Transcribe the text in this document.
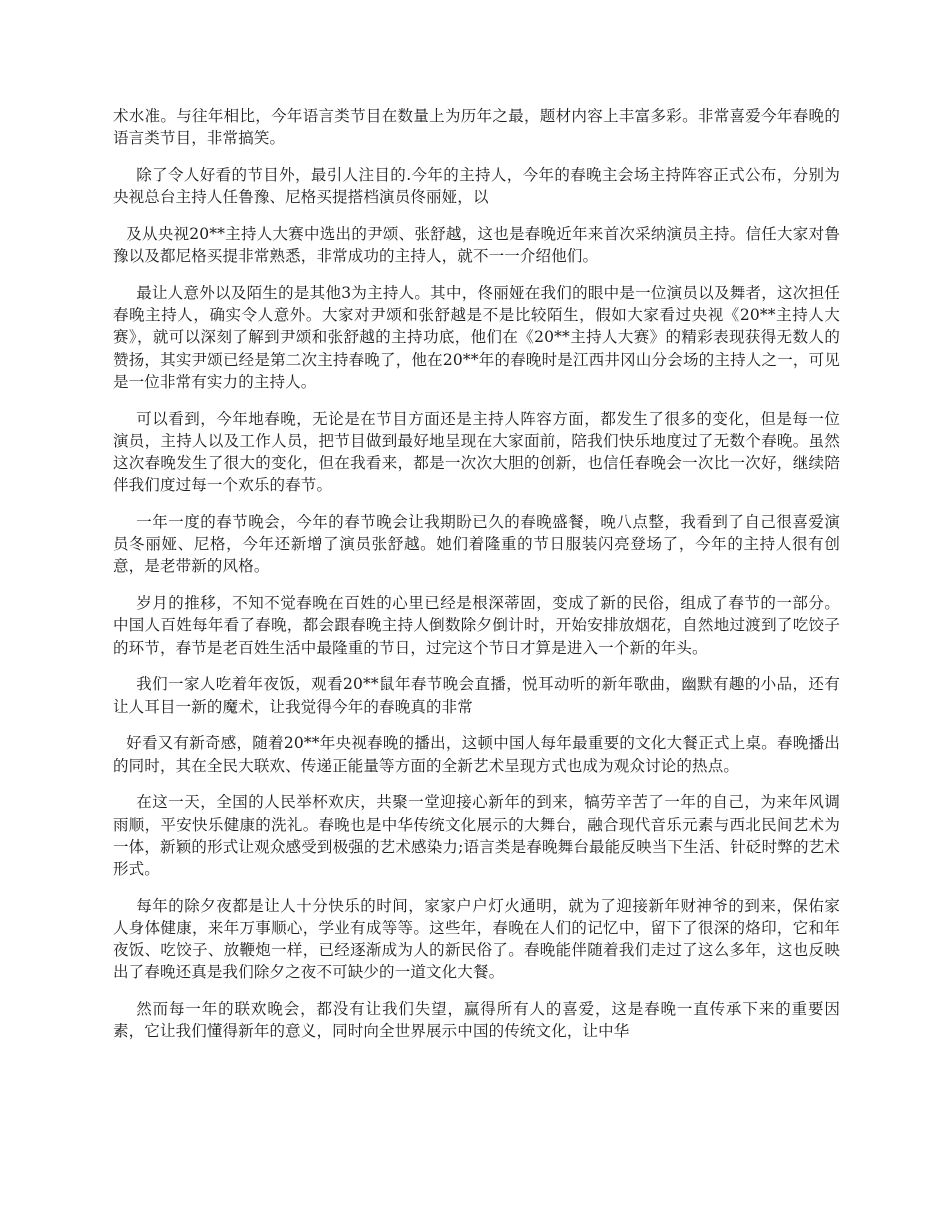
术水准。与往年相比，今年语言类节目在数量上为历年之最，题材内容上丰富多彩。非常喜爱今年春晚的语言类节目，非常搞笑。

除了令人好看的节目外，最引人注目的.今年的主持人，今年的春晚主会场主持阵容正式公布，分别为央视总台主持人任鲁豫、尼格买提搭档演员佟丽娅，以

及从央视20**主持人大赛中选出的尹颂、张舒越，这也是春晚近年来首次采纳演员主持。信任大家对鲁豫以及都尼格买提非常熟悉，非常成功的主持人，就不一一介绍他们。

最让人意外以及陌生的是其他3为主持人。其中，佟丽娅在我们的眼中是一位演员以及舞者，这次担任春晚主持人，确实令人意外。大家对尹颂和张舒越是不是比较陌生，假如大家看过央视《20**主持人大赛》，就可以深刻了解到尹颂和张舒越的主持功底，他们在《20**主持人大赛》的精彩表现获得无数人的赞扬，其实尹颂已经是第二次主持春晚了，他在20**年的春晚时是江西井冈山分会场的主持人之一，可见是一位非常有实力的主持人。

可以看到，今年地春晚，无论是在节目方面还是主持人阵容方面，都发生了很多的变化，但是每一位演员，主持人以及工作人员，把节目做到最好地呈现在大家面前，陪我们快乐地度过了无数个春晚。虽然这次春晚发生了很大的变化，但在我看来，都是一次次大胆的创新，也信任春晚会一次比一次好，继续陪伴我们度过每一个欢乐的春节。

一年一度的春节晚会，今年的春节晚会让我期盼已久的春晚盛餐，晚八点整，我看到了自己很喜爱演员冬丽娅、尼格，今年还新增了演员张舒越。她们着隆重的节日服装闪亮登场了，今年的主持人很有创意，是老带新的风格。

岁月的推移，不知不觉春晚在百姓的心里已经是根深蒂固，变成了新的民俗，组成了春节的一部分。中国人百姓每年看了春晚，都会跟春晚主持人倒数除夕倒计时，开始安排放烟花，自然地过渡到了吃饺子的环节，春节是老百姓生活中最隆重的节日，过完这个节日才算是进入一个新的年头。

我们一家人吃着年夜饭，观看20**鼠年春节晚会直播，悦耳动听的新年歌曲，幽默有趣的小品，还有让人耳目一新的魔术，让我觉得今年的春晚真的非常

好看又有新奇感，随着20**年央视春晚的播出，这顿中国人每年最重要的文化大餐正式上桌。春晚播出的同时，其在全民大联欢、传递正能量等方面的全新艺术呈现方式也成为观众讨论的热点。

在这一天，全国的人民举杯欢庆，共聚一堂迎接心新年的到来，犒劳辛苦了一年的自己，为来年风调雨顺，平安快乐健康的洗礼。春晚也是中华传统文化展示的大舞台，融合现代音乐元素与西北民间艺术为一体，新颖的形式让观众感受到极强的艺术感染力;语言类是春晚舞台最能反映当下生活、针砭时弊的艺术形式。

每年的除夕夜都是让人十分快乐的时间，家家户户灯火通明，就为了迎接新年财神爷的到来，保佑家人身体健康，来年万事顺心，学业有成等等。这些年，春晚在人们的记忆中，留下了很深的烙印，它和年夜饭、吃饺子、放鞭炮一样，已经逐渐成为人的新民俗了。春晚能伴随着我们走过了这么多年，这也反映出了春晚还真是我们除夕之夜不可缺少的一道文化大餐。

然而每一年的联欢晚会，都没有让我们失望，赢得所有人的喜爱，这是春晚一直传承下来的重要因素，它让我们懂得新年的意义，同时向全世界展示中国的传统文化，让中华
